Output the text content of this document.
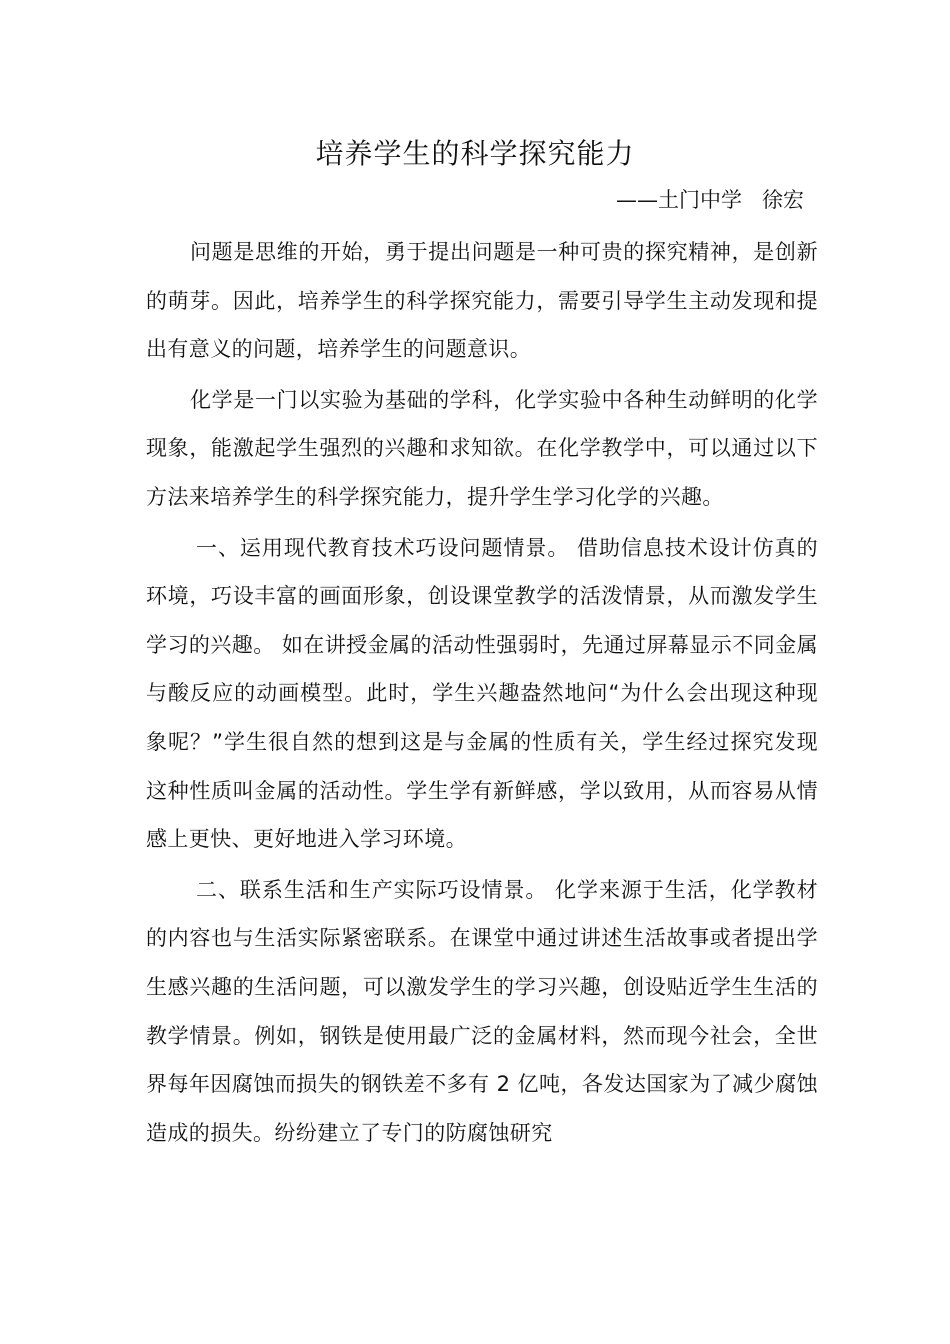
培养学生的科学探究能力
——土门中学   徐宏

问题是思维的开始，勇于提出问题是一种可贵的探究精神，是创新的萌芽。因此，培养学生的科学探究能力，需要引导学生主动发现和提出有意义的问题，培养学生的问题意识。

化学是一门以实验为基础的学科，化学实验中各种生动鲜明的化学现象，能激起学生强烈的兴趣和求知欲。在化学教学中，可以通过以下方法来培养学生的科学探究能力，提升学生学习化学的兴趣。

一、运用现代教育技术巧设问题情景。 借助信息技术设计仿真的环境，巧设丰富的画面形象，创设课堂教学的活泼情景，从而激发学生学习的兴趣。 如在讲授金属的活动性强弱时，先通过屏幕显示不同金属与酸反应的动画模型。此时，学生兴趣盎然地问“为什么会出现这种现象呢？”学生很自然的想到这是与金属的性质有关，学生经过探究发现这种性质叫金属的活动性。学生学有新鲜感，学以致用，从而容易从情感上更快、更好地进入学习环境。

二、联系生活和生产实际巧设情景。 化学来源于生活，化学教材的内容也与生活实际紧密联系。在课堂中通过讲述生活故事或者提出学生感兴趣的生活问题，可以激发学生的学习兴趣，创设贴近学生生活的教学情景。例如，钢铁是使用最广泛的金属材料，然而现今社会，全世界每年因腐蚀而损失的钢铁差不多有 2 亿吨，各发达国家为了减少腐蚀造成的损失。纷纷建立了专门的防腐蚀研究
